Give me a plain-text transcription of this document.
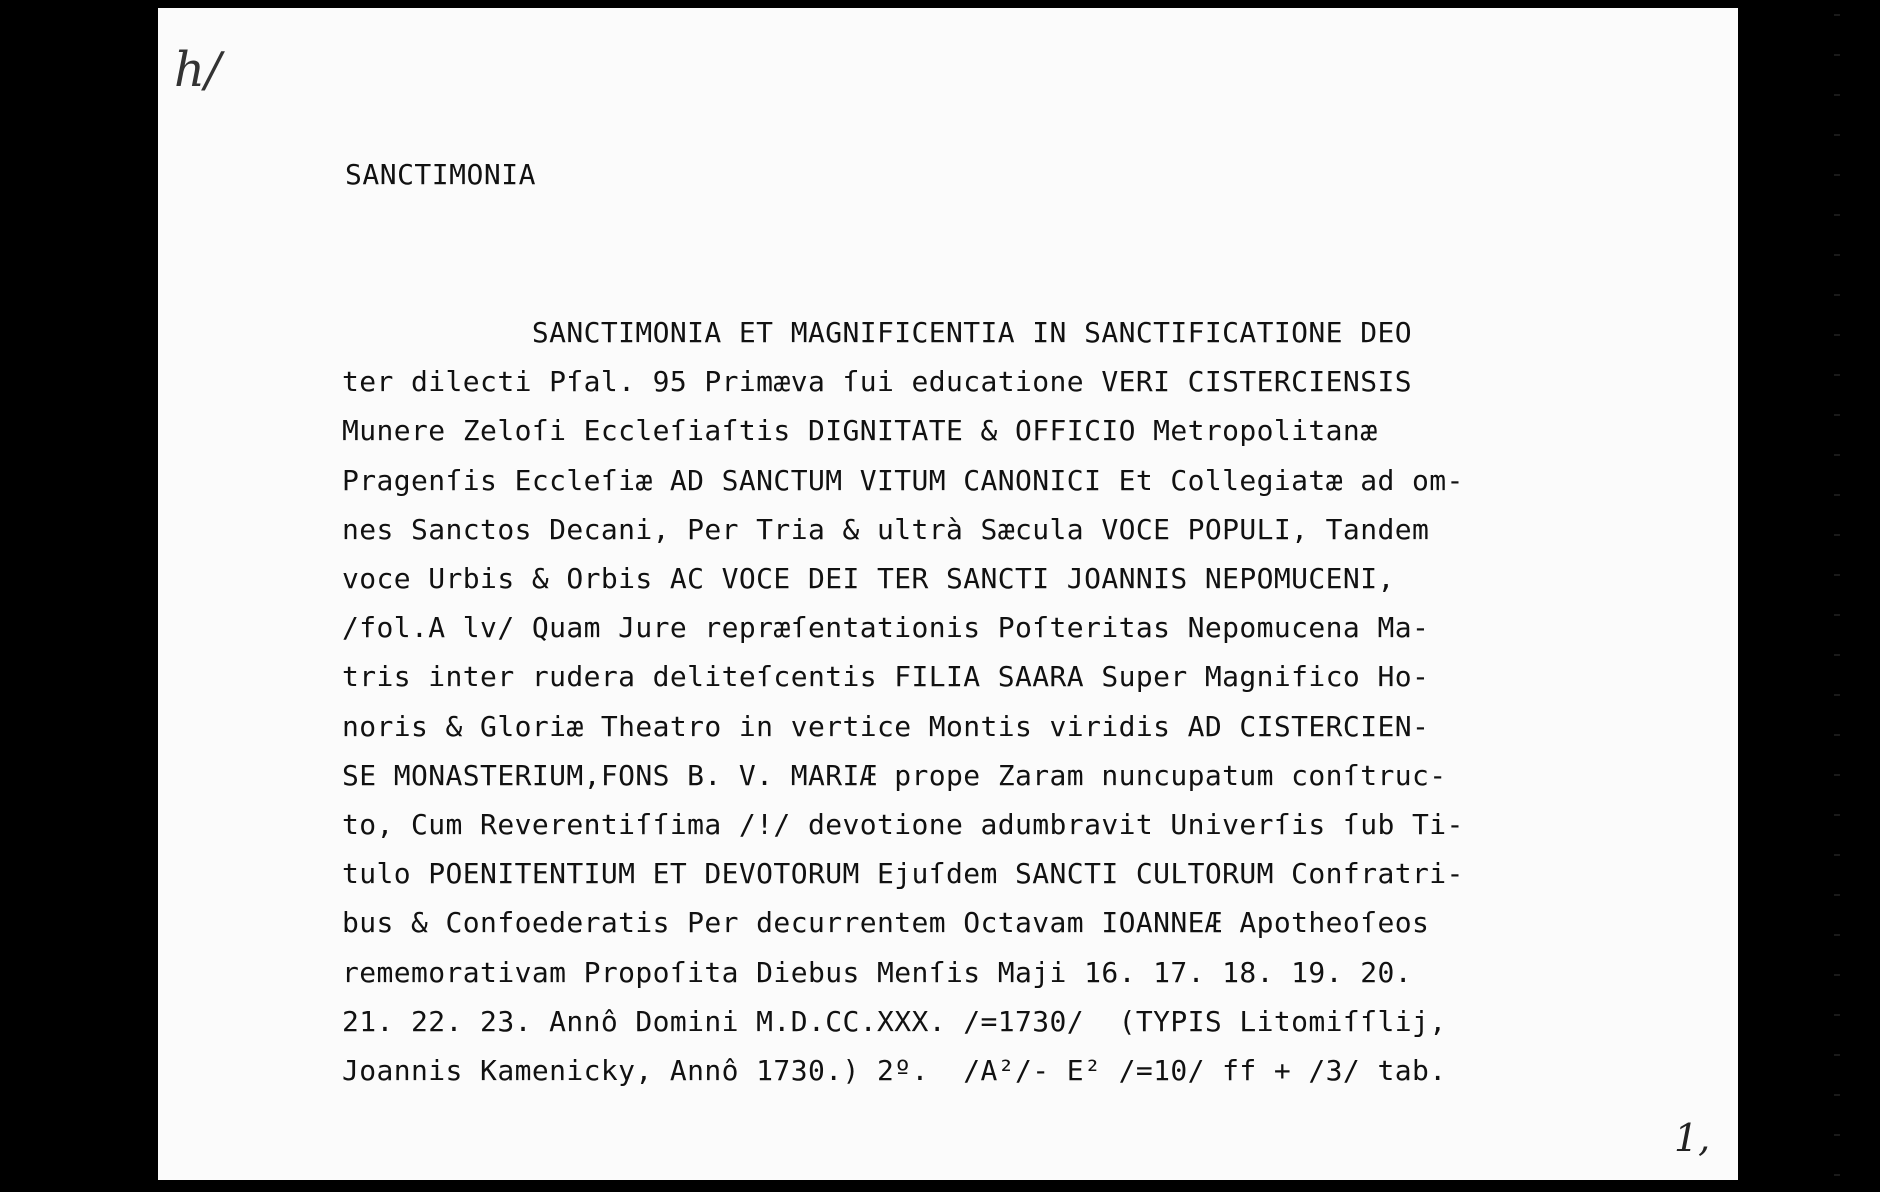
h/
SANCTIMONIA
SANCTIMONIA ET MAGNIFICENTIA IN SANCTIFICATIONE DEO
ter dilecti Pſal. 95 Primæva ſui educatione VERI CISTERCIENSIS
Munere Zeloſi Eccleſiaſtis DIGNITATE & OFFICIO Metropolitanæ
Pragenſis Eccleſiæ AD SANCTUM VITUM CANONICI Et Collegiatæ ad om-
nes Sanctos Decani, Per Tria & ultrà Sæcula VOCE POPULI, Tandem
voce Urbis & Orbis AC VOCE DEI TER SANCTI JOANNIS NEPOMUCENI,
/fol.A lv/ Quam Jure repræſentationis Poſteritas Nepomucena Ma-
tris inter rudera deliteſcentis FILIA SAARA Super Magnifico Ho-
noris & Gloriæ Theatro in vertice Montis viridis AD CISTERCIEN-
SE MONASTERIUM,FONS B. V. MARIÆ prope Zaram nuncupatum conſtruc-
to, Cum Reverentiſſima /!/ devotione adumbravit Univerſis ſub Ti-
tulo POENITENTIUM ET DEVOTORUM Ejuſdem SANCTI CULTORUM Confratri-
bus & Confoederatis Per decurrentem Octavam IOANNEÆ Apotheoſeos
rememorativam Propoſita Diebus Menſis Maji 16. 17. 18. 19. 20.
21. 22. 23. Annô Domini M.D.CC.XXX. /=1730/  (TYPIS Litomiſſlij,
Joannis Kamenicky, Annô 1730.) 2º.  /A²/- E² /=10/ ff + /3/ tab.
1,
